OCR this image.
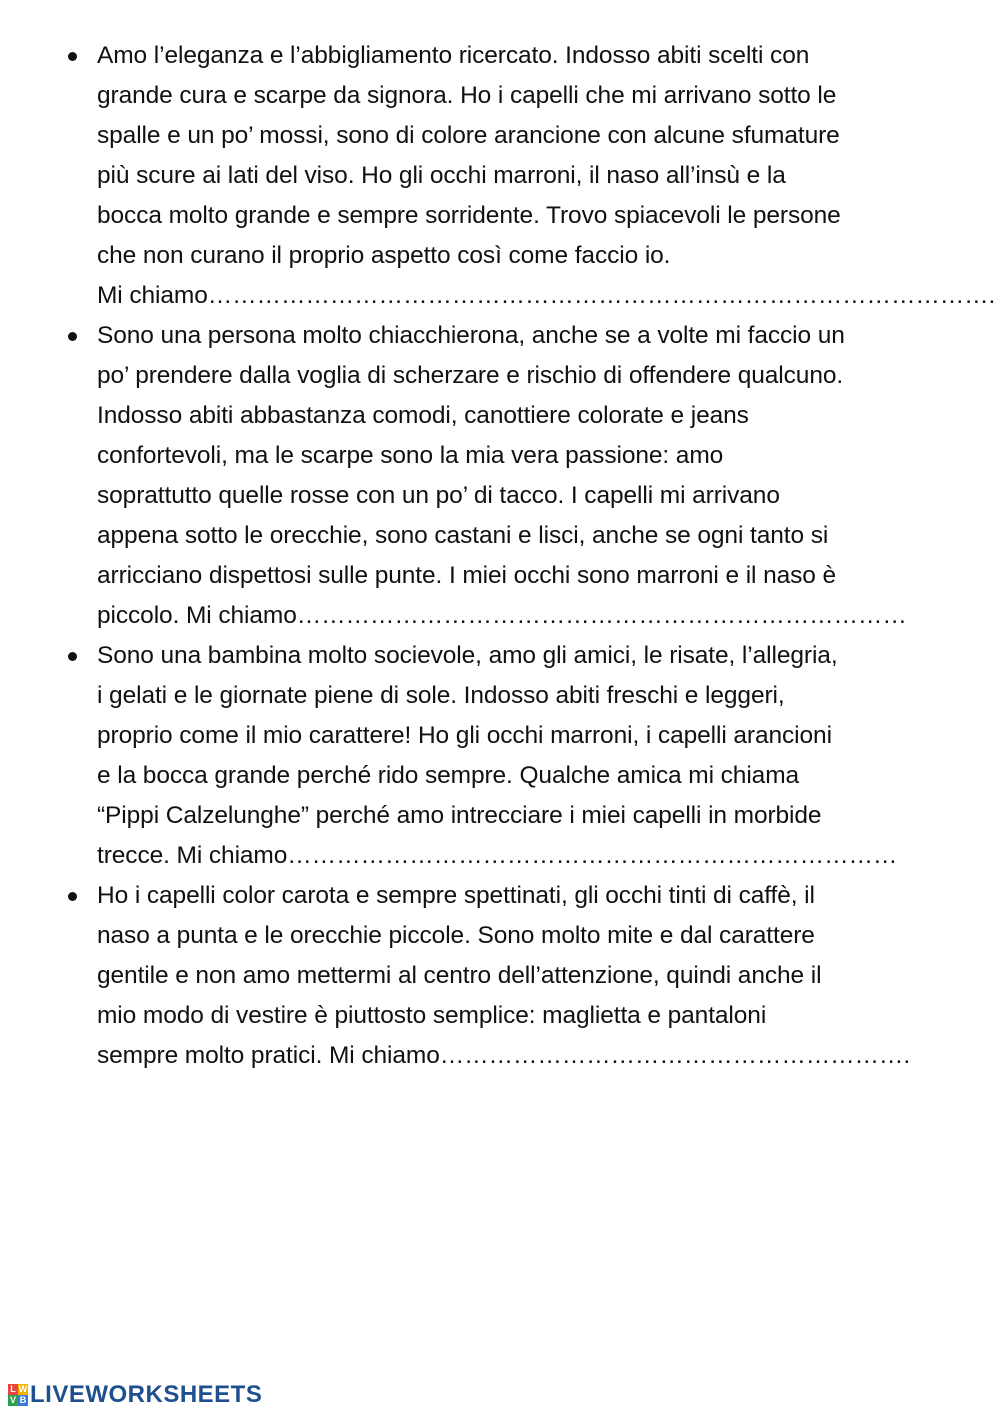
Amo l’eleganza e l’abbigliamento ricercato. Indosso abiti scelti con
grande cura e scarpe da signora. Ho i capelli che mi arrivano sotto le
spalle e un po’ mossi, sono di colore arancione con alcune sfumature
più scure ai lati del viso. Ho gli occhi marroni, il naso all’insù e la
bocca molto grande e sempre sorridente. Trovo spiacevoli le persone
che non curano il proprio aspetto così come faccio io.
Mi chiamo…………………………………………………………………………………….
Sono una persona molto chiacchierona, anche se a volte mi faccio un
po’ prendere dalla voglia di scherzare e rischio di offendere qualcuno.
Indosso abiti abbastanza comodi, canottiere colorate e jeans
confortevoli, ma le scarpe sono la mia vera passione: amo
soprattutto quelle rosse con un po’ di tacco. I capelli mi arrivano
appena sotto le orecchie, sono castani e lisci, anche se ogni tanto si
arricciano dispettosi sulle punte. I miei occhi sono marroni e il naso è
piccolo. Mi chiamo…………………………………………………………………
Sono una bambina molto socievole, amo gli amici, le risate, l’allegria,
i gelati e le giornate piene di sole. Indosso abiti freschi e leggeri,
proprio come il mio carattere! Ho gli occhi marroni, i capelli arancioni
e la bocca grande perché rido sempre. Qualche amica mi chiama
“Pippi Calzelunghe” perché amo intrecciare i miei capelli in morbide
trecce. Mi chiamo…………………………………………………………………
Ho i capelli color carota e sempre spettinati, gli occhi tinti di caffè, il
naso a punta e le orecchie piccole. Sono molto mite e dal carattere
gentile e non amo mettermi al centro dell’attenzione, quindi anche il
mio modo di vestire è piuttosto semplice: maglietta e pantaloni
sempre molto pratici. Mi chiamo………………………………………………….
L W
V B LIVEWORKSHEETS
